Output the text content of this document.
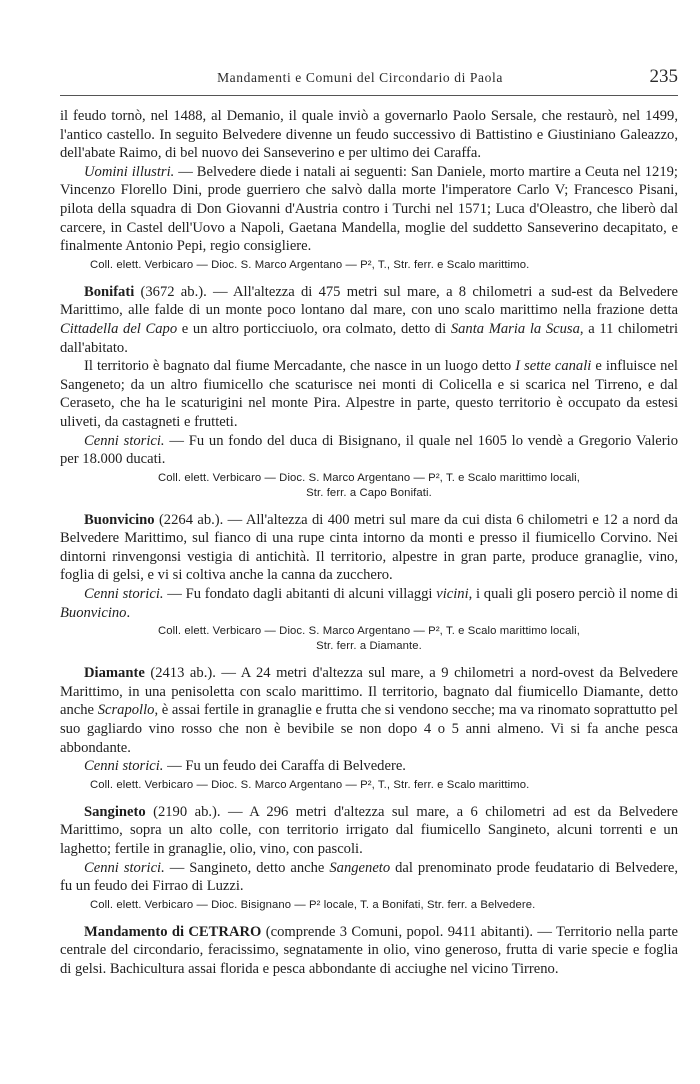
Mandamenti e Comuni del Circondario di Paola	235

il feudo tornò, nel 1488, al Demanio, il quale inviò a governarlo Paolo Sersale, che restaurò, nel 1499, l'antico castello. In seguito Belvedere divenne un feudo successivo di Battistino e Giustiniano Galeazzo, dell'abate Raimo, di bel nuovo dei Sanseverino e per ultimo dei Caraffa.

Uomini illustri. — Belvedere diede i natali ai seguenti: San Daniele, morto martire a Ceuta nel 1219; Vincenzo Florello Dini, prode guerriero che salvò dalla morte l'imperatore Carlo V; Francesco Pisani, pilota della squadra di Don Giovanni d'Austria contro i Turchi nel 1571; Luca d'Oleastro, che liberò dal carcere, in Castel dell'Uovo a Napoli, Gaetana Mandella, moglie del suddetto Sanseverino decapitato, e finalmente Antonio Pepi, regio consigliere.

Coll. elett. Verbicaro — Dioc. S. Marco Argentano — P², T., Str. ferr. e Scalo marittimo.

Bonifati (3672 ab.). — All'altezza di 475 metri sul mare, a 8 chilometri a sud-est da Belvedere Marittimo, alle falde di un monte poco lontano dal mare, con uno scalo marittimo nella frazione detta Cittadella del Capo e un altro porticciuolo, ora colmato, detto di Santa Maria la Scusa, a 11 chilometri dall'abitato.

Il territorio è bagnato dal fiume Mercadante, che nasce in un luogo detto I sette canali e influisce nel Sangeneto; da un altro fiumicello che scaturisce nei monti di Colicella e si scarica nel Tirreno, e dal Ceraseto, che ha le scaturigini nel monte Pira. Alpestre in parte, questo territorio è occupato da estesi uliveti, da castagneti e frutteti.

Cenni storici. — Fu un fondo del duca di Bisignano, il quale nel 1605 lo vendè a Gregorio Valerio per 18.000 ducati.

Coll. elett. Verbicaro — Dioc. S. Marco Argentano — P², T. e Scalo marittimo locali,
Str. ferr. a Capo Bonifati.

Buonvicino (2264 ab.). — All'altezza di 400 metri sul mare da cui dista 6 chilometri e 12 a nord da Belvedere Marittimo, sul fianco di una rupe cinta intorno da monti e presso il fiumicello Corvino. Nei dintorni rinvengonsi vestigia di antichità. Il territorio, alpestre in gran parte, produce granaglie, vino, foglia di gelsi, e vi si coltiva anche la canna da zucchero.

Cenni storici. — Fu fondato dagli abitanti di alcuni villaggi vicini, i quali gli posero perciò il nome di Buonvicino.

Coll. elett. Verbicaro — Dioc. S. Marco Argentano — P², T. e Scalo marittimo locali,
Str. ferr. a Diamante.

Diamante (2413 ab.). — A 24 metri d'altezza sul mare, a 9 chilometri a nord-ovest da Belvedere Marittimo, in una penisoletta con scalo marittimo. Il territorio, bagnato dal fiumicello Diamante, detto anche Scrapollo, è assai fertile in granaglie e frutta che si vendono secche; ma va rinomato soprattutto pel suo gagliardo vino rosso che non è bevibile se non dopo 4 o 5 anni almeno. Vi si fa anche pesca abbondante.

Cenni storici. — Fu un feudo dei Caraffa di Belvedere.

Coll. elett. Verbicaro — Dioc. S. Marco Argentano — P², T., Str. ferr. e Scalo marittimo.

Sangineto (2190 ab.). — A 296 metri d'altezza sul mare, a 6 chilometri ad est da Belvedere Marittimo, sopra un alto colle, con territorio irrigato dal fiumicello Sangineto, alcuni torrenti e un laghetto; fertile in granaglie, olio, vino, con pascoli.

Cenni storici. — Sangineto, detto anche Sangeneto dal prenominato prode feudatario di Belvedere, fu un feudo dei Firrao di Luzzi.

Coll. elett. Verbicaro — Dioc. Bisignano — P² locale, T. a Bonifati, Str. ferr. a Belvedere.

Mandamento di CETRARO (comprende 3 Comuni, popol. 9411 abitanti). — Territorio nella parte centrale del circondario, feracissimo, segnatamente in olio, vino generoso, frutta di varie specie e foglia di gelsi. Bachicultura assai florida e pesca abbondante di acciughe nel vicino Tirreno.
